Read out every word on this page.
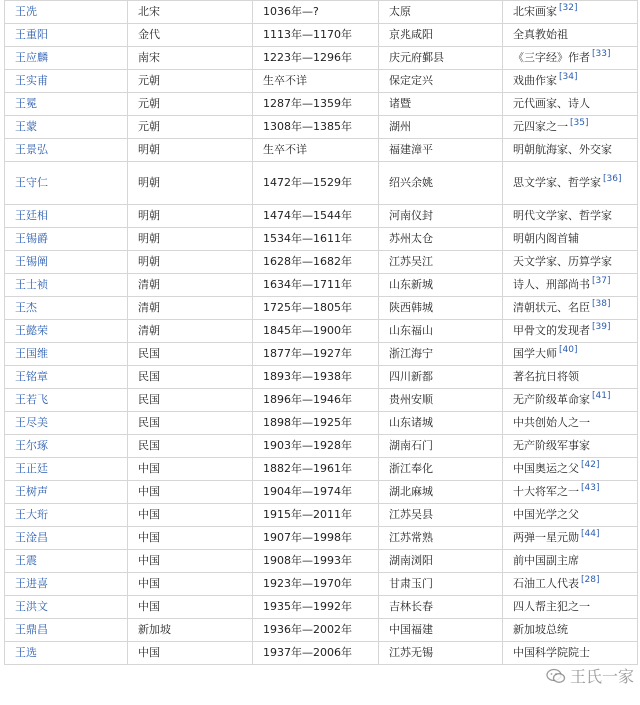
王冼	北宋	1036年—?	太原	北宋画家 [32]
王重阳	金代	1113年—1170年	京兆咸阳	全真教始祖
王应麟	南宋	1223年—1296年	庆元府鄞县	《三字经》作者 [33]
王实甫	元朝	生卒不详	保定定兴	戏曲作家 [34]
王冕	元朝	1287年—1359年	诸暨	元代画家、诗人
王蒙	元朝	1308年—1385年	湖州	元四家之一 [35]
王景弘	明朝	生卒不详	福建漳平	明朝航海家、外交家
王守仁	明朝	1472年—1529年	绍兴余姚	思文学家、哲学家 [36]
王廷相	明朝	1474年—1544年	河南仪封	明代文学家、哲学家
王锡爵	明朝	1534年—1611年	苏州太仓	明朝内阁首辅
王锡阐	明朝	1628年—1682年	江苏吴江	天文学家、历算学家
王士祯	清朝	1634年—1711年	山东新城	诗人、刑部尚书 [37]
王杰	清朝	1725年—1805年	陕西韩城	清朝状元、名臣 [38]
王懿荣	清朝	1845年—1900年	山东福山	甲骨文的发现者 [39]
王国维	民国	1877年—1927年	浙江海宁	国学大师 [40]
王铭章	民国	1893年—1938年	四川新都	著名抗日将领
王若飞	民国	1896年—1946年	贵州安顺	无产阶级革命家 [41]
王尽美	民国	1898年—1925年	山东诸城	中共创始人之一
王尔琢	民国	1903年—1928年	湖南石门	无产阶级军事家
王正廷	中国	1882年—1961年	浙江奉化	中国奥运之父 [42]
王树声	中国	1904年—1974年	湖北麻城	十大将军之一 [43]
王大珩	中国	1915年—2011年	江苏吴县	中国光学之父
王淦昌	中国	1907年—1998年	江苏常熟	两弹一星元勋 [44]
王震	中国	1908年—1993年	湖南浏阳	前中国副主席
王进喜	中国	1923年—1970年	甘肃玉门	石油工人代表 [28]
王洪文	中国	1935年—1992年	吉林长春	四人帮主犯之一
王鼎昌	新加坡	1936年—2002年	中国福建	新加坡总统
王选	中国	1937年—2006年	江苏无锡	中国科学院院士
王氏一家
